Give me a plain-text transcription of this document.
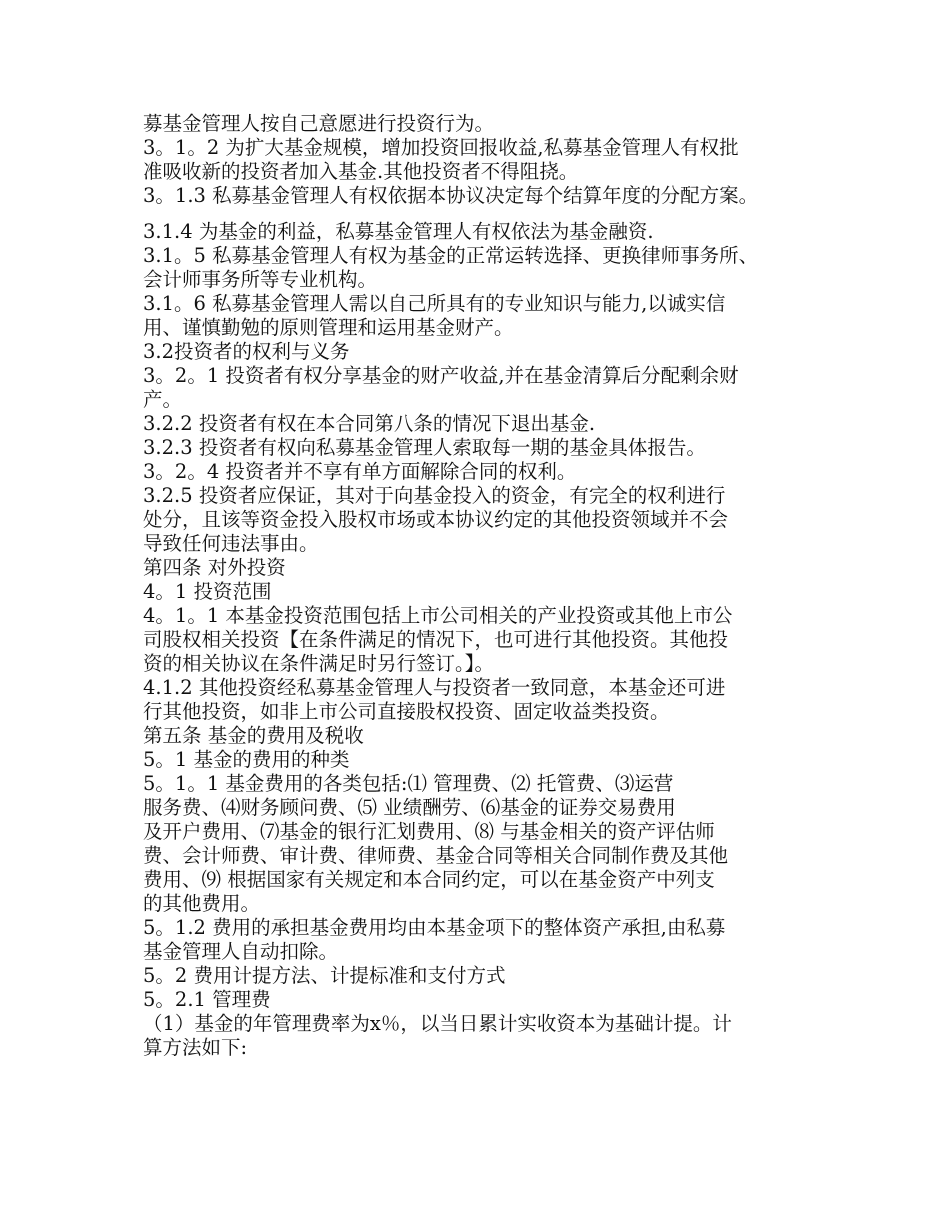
募基金管理人按自己意愿进行投资行为。
3。1。2 为扩大基金规模，增加投资回报收益,私募基金管理人有权批
准吸收新的投资者加入基金.其他投资者不得阻挠。
3。1.3 私募基金管理人有权依据本协议决定每个结算年度的分配方案。
3.1.4 为基金的利益，私募基金管理人有权依法为基金融资.
3.1。5 私募基金管理人有权为基金的正常运转选择、更换律师事务所、
会计师事务所等专业机构。
3.1。6 私募基金管理人需以自己所具有的专业知识与能力,以诚实信
用、谨慎勤勉的原则管理和运用基金财产。
3.2投资者的权利与义务
3。2。1 投资者有权分享基金的财产收益,并在基金清算后分配剩余财
产。
3.2.2 投资者有权在本合同第八条的情况下退出基金.
3.2.3 投资者有权向私募基金管理人索取每一期的基金具体报告。
3。2。4 投资者并不享有单方面解除合同的权利。
3.2.5 投资者应保证，其对于向基金投入的资金，有完全的权利进行
处分，且该等资金投入股权市场或本协议约定的其他投资领域并不会
导致任何违法事由。
第四条 对外投资
4。1 投资范围
4。1。1 本基金投资范围包括上市公司相关的产业投资或其他上市公
司股权相关投资【在条件满足的情况下，也可进行其他投资。其他投
资的相关协议在条件满足时另行签订。】。
4.1.2 其他投资经私募基金管理人与投资者一致同意，本基金还可进
行其他投资，如非上市公司直接股权投资、固定收益类投资。
第五条 基金的费用及税收
5。1 基金的费用的种类
5。1。1 基金费用的各类包括:⑴ 管理费、⑵ 托管费、⑶运营
服务费、⑷财务顾问费、⑸ 业绩酬劳、⑹基金的证券交易费用
及开户费用、⑺基金的银行汇划费用、⑻ 与基金相关的资产评估师
费、会计师费、审计费、律师费、基金合同等相关合同制作费及其他
费用、⑼ 根据国家有关规定和本合同约定，可以在基金资产中列支
的其他费用。
5。1.2 费用的承担基金费用均由本基金项下的整体资产承担,由私募
基金管理人自动扣除。
5。2 费用计提方法、计提标准和支付方式
5。2.1 管理费
（1）基金的年管理费率为x％，以当日累计实收资本为基础计提。计
算方法如下:
